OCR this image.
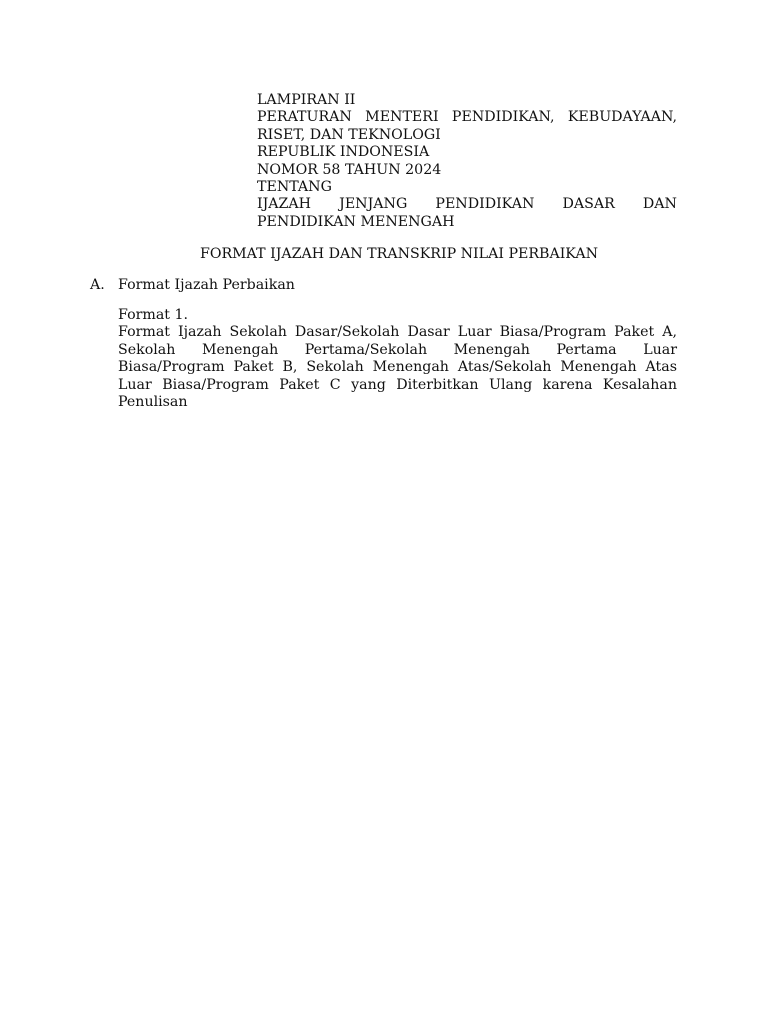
LAMPIRAN II
PERATURAN MENTERI PENDIDIKAN, KEBUDAYAAN,
RISET, DAN TEKNOLOGI
REPUBLIK INDONESIA
NOMOR 58 TAHUN 2024
TENTANG
IJAZAH JENJANG PENDIDIKAN DASAR DAN
PENDIDIKAN MENENGAH
FORMAT IJAZAH DAN TRANSKRIP NILAI PERBAIKAN
A. Format Ijazah Perbaikan
Format 1.
Format Ijazah Sekolah Dasar/Sekolah Dasar Luar Biasa/Program Paket A, Sekolah Menengah Pertama/Sekolah Menengah Pertama Luar Biasa/Program Paket B, Sekolah Menengah Atas/Sekolah Menengah Atas Luar Biasa/Program Paket C yang Diterbitkan Ulang karena Kesalahan Penulisan
